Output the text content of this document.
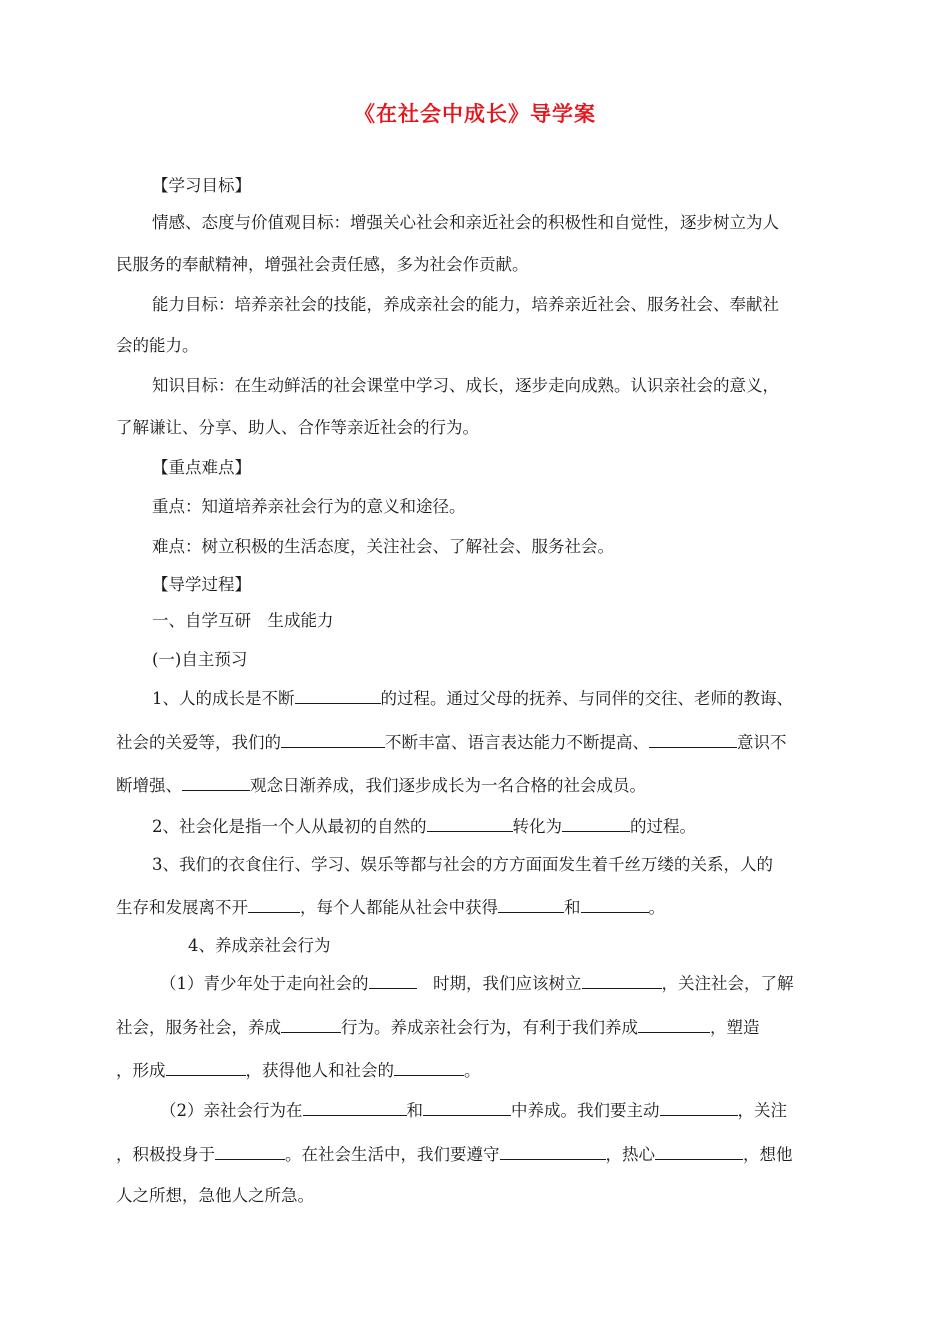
《在社会中成长》导学案
【学习目标】
情感、态度与价值观目标：增强关心社会和亲近社会的积极性和自觉性，逐步树立为人
民服务的奉献精神，增强社会责任感，多为社会作贡献。
能力目标：培养亲社会的技能，养成亲社会的能力，培养亲近社会、服务社会、奉献社
会的能力。
知识目标：在生动鲜活的社会课堂中学习、成长，逐步走向成熟。认识亲社会的意义，
了解谦让、分享、助人、合作等亲近社会的行为。
【重点难点】
重点：知道培养亲社会行为的意义和途径。
难点：树立积极的生活态度，关注社会、了解社会、服务社会。
【导学过程】
一、自学互研　生成能力
(一)自主预习
1、人的成长是不断	的过程。通过父母的抚养、与同伴的交往、老师的教诲、
社会的关爱等，我们的	不断丰富、语言表达能力不断提高、	意识不
断增强、	观念日渐养成，我们逐步成长为一名合格的社会成员。
2、社会化是指一个人从最初的自然的	转化为	的过程。
3、我们的衣食住行、学习、娱乐等都与社会的方方面面发生着千丝万缕的关系，人的
生存和发展离不开	，每个人都能从社会中获得	和	。
4、养成亲社会行为
（1）青少年处于走向社会的	　时期，我们应该树立	，关注社会，了解
社会，服务社会，养成	行为。养成亲社会行为，有利于我们养成	，塑造
，形成	，获得他人和社会的	。
（2）亲社会行为在	和	中养成。我们要主动	，关注
，积极投身于	。在社会生活中，我们要遵守	，热心	，想他
人之所想，急他人之所急。
